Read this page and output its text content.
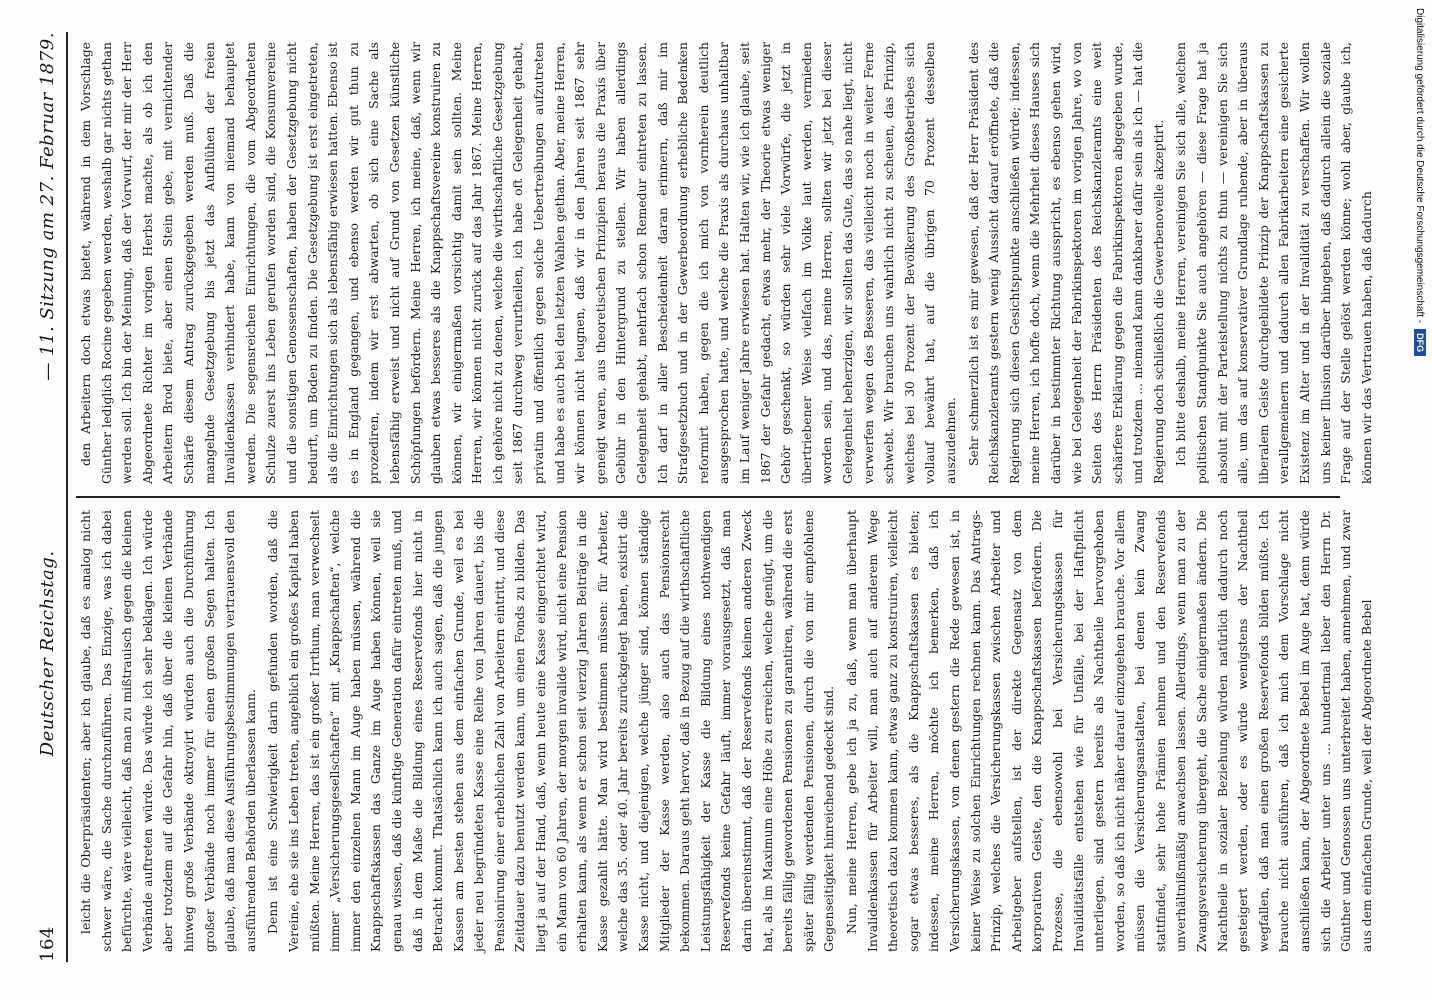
164
Deutscher Reichstag.
— 11. Sitzung am 27. Februar 1879.

leicht die Oberpräsidenten; aber ich glaube, daß es analog nicht schwer wäre, die Sache durchzuführen. Das Einzige, was ich dabei befürchte, wäre vielleicht, daß man zu mißtrauisch gegen die kleinen Verbände auftreten würde. Das würde ich sehr beklagen. Ich würde aber trotzdem auf die Gefahr hin, daß über die kleinen Verbände hinweg große Verbände oktroyirt würden auch die Durchführung großer Verbände noch immer für einen großen Segen halten. Ich glaube, daß man diese Ausführungsbestimmungen vertrauensvoll den ausführenden Behörden überlassen kann. Denn ist eine Schwierigkeit darin gefunden worden, daß die Vereine, ehe sie ins Leben treten, angeblich ein großes Kapital haben müßten. Meine Herren, das ist ein großer Irrthum, man verwechselt immer „Versicherungsgesellschaften“ mit „Knappschaften“, welche immer den einzelnen Mann im Auge haben müssen, während die Knappschaftskassen das Ganze im Auge haben können, weil sie genau wissen, daß die künftige Generation dafür eintreten muß, und daß in dem Maße die Bildung eines Reservefonds hier nicht in Betracht kommt. Thatsächlich kann ich auch sagen, daß die jungen Kassen am besten stehen aus dem einfachen Grunde, weil es bei jeder neu begründeten Kasse eine Reihe von Jahren dauert, bis die Pensionirung einer erheblichen Zahl von Arbeitern eintritt, und diese Zeitdauer dazu benutzt werden kann, um einen Fonds zu bilden. Das liegt ja auf der Hand, daß, wenn heute eine Kasse eingerichtet wird, ein Mann von 60 Jahren, der morgen invalide wird, nicht eine Pension erhalten kann, als wenn er schon seit vierzig Jahren Beiträge in die Kasse gezahlt hätte. Man wird bestimmen müssen: für Arbeiter, welche das 35. oder 40. Jahr bereits zurückgelegt haben, existirt die Kasse nicht, und diejenigen, welche jünger sind, können ständige Mitglieder der Kasse werden, also auch das Pensionsrecht bekommen. Daraus geht hervor, daß in Bezug auf die wirthschaftliche Leistungsfähigkeit der Kasse die Bildung eines nothwendigen Reservefonds keine Gefahr läuft, immer vorausgesetzt, daß man darin übereinstimmt, daß der Reservefonds keinen anderen Zweck hat, als im Maximum eine Höhe zu erreichen, welche genügt, um die bereits fällig gewordenen Pensionen zu garantiren, während die erst später fällig werdenden Pensionen, durch die von mir empfohlene Gegenseitigkeit hinreichend gedeckt sind. Nun, meine Herren, gebe ich ja zu, daß, wenn man überhaupt Invalidenkassen für Arbeiter will, man auch auf anderem Wege theoretisch dazu kommen kann, etwas ganz zu konstruiren, vielleicht sogar etwas besseres, als die Knappschaftskassen es bieten; indessen, meine Herren, möchte ich bemerken, daß ich Versicherungskassen, von denen gestern die Rede gewesen ist, in keiner Weise zu solchen Einrichtungen rechnen kann. Das Antrags-Prinzip, welches die Versicherungskassen zwischen Arbeiter und Arbeitgeber aufstellen, ist der direkte Gegensatz von dem korporativen Geiste, den die Knappschaftskassen befördern. Die Prozesse, die ebensowohl bei Versicherungskassen für Invaliditätsfälle entstehen wie für Unfälle, bei der Haftpflicht unterliegen, sind gestern bereits als Nachtheile hervorgehoben worden, so daß ich nicht näher darauf einzugehen brauche. Vor allem müssen die Versicherungsanstalten, bei denen kein Zwang stattfindet, sehr hohe Prämien nehmen und den Reservefonds unverhältnißmäßig anwachsen lassen. Allerdings, wenn man zu der Zwangsversicherung übergeht, die Sache einigermaßen ändern. Die Nachtheile in sozialer Beziehung würden natürlich dadurch noch gesteigert werden, oder es würde wenigstens der Nachtheil wegfallen, daß man einen großen Reservefonds bilden müßte. Ich brauche nicht ausführen, daß ich mich dem Vorschlage nicht anschließen kann, der Abgeordnete Bebel im Auge hat, denn würde sich die Arbeiter unter uns ... hundertmal lieber den Herrn Dr. Günther und Genossen uns unterbreitet haben, annehmen, und zwar aus dem einfachen Grunde, weil der Abgeordnete Bebel

den Arbeitern doch etwas bietet, während in dem Vorschlage Günther lediglich Rocine gegeben werden, weshalb gar nichts gethan werden soll. Ich bin der Meinung, daß der Vorwurf, der mir der Herr Abgeordnete Richter im vorigen Herbst machte, als ob ich den Arbeitern Brod biete, aber einen Stein gebe, mit vernichtender Schärfe diesem Antrag zurückgegeben werden muß. Daß die mangelnde Gesetzgebung bis jetzt das Aufblühen der freien Invalidenkassen verhindert habe, kann von niemand behauptet werden. Die segensreichen Einrichtungen, die vom Abgeordneten Schulze zuerst ins Leben gerufen worden sind, die Konsumvereine und die sonstigen Genossenschaften, haben der Gesetzgebung nicht bedurft, um Boden zu finden. Die Gesetzgebung ist erst eingetreten, als die Einrichtungen sich als lebensfähig erwiesen hatten. Ebenso ist es in England gegangen, und ebenso werden wir gut thun zu prozediren, indem wir erst abwarten, ob sich eine Sache als lebensfähig erweist und nicht auf Grund von Gesetzen künstliche Schöpfungen befördern. Meine Herren, ich meine, daß, wenn wir glauben etwas besseres als die Knappschaftsvereine konstruiren zu können, wir einigermaßen vorsichtig damit sein sollten. Meine Herren, wir können nicht zurück auf das Jahr 1867. Meine Herren, ich gehöre nicht zu denen, welche die wirthschaftliche Gesetzgebung seit 1867 durchweg verurtheilen, ich habe oft Gelegenheit gehabt, privatim und öffentlich gegen solche Uebertreibungen aufzutreten und habe es auch bei den letzten Wahlen gethan. Aber, meine Herren, wir können nicht leugnen, daß wir in den Jahren seit 1867 sehr geneigt waren, aus theoretischen Prinzipien heraus die Praxis über Gebühr in den Hintergrund zu stellen. Wir haben allerdings Gelegenheit gehabt, mehrfach schon Remedur eintreten zu lassen. Ich darf in aller Bescheidenheit daran erinnern, daß mir im Strafgesetzbuch und in der Gewerbeordnung erhebliche Bedenken reformirt haben, gegen die ich mich von vornherein deutlich ausgesprochen hatte, und welche die Praxis als durchaus unhaltbar im Lauf weniger Jahre erwiesen hat. Halten wir, wie ich glaube, seit 1867 der Gefahr gedacht, etwas mehr, der Theorie etwas weniger Gehör geschenkt, so würden sehr viele Vorwürfe, die jetzt in übertriebener Weise vielfach im Volke laut werden, vermieden worden sein, und das, meine Herren, sollten wir jetzt bei dieser Gelegenheit beherzigen, wir sollten das Gute, das so nahe liegt, nicht verwerfen wegen des Besseren, das vielleicht noch in weiter Ferne schwebt. Wir brauchen uns wahrlich nicht zu scheuen, das Prinzip, welches bei 30 Prozent der Bevölkerung des Großbetriebes sich vollauf bewährt hat, auf die übrigen 70 Prozent desselben auszudehnen. Sehr schmerzlich ist es mir gewesen, daß der Herr Präsident des Reichskanzleramts gestern wenig Aussicht darauf eröffnete, daß die Regierung sich diesen Gesichtspunkte anschließen würde; indessen, meine Herren, ich hoffe doch, wenn die Mehrheit dieses Hauses sich darüber in bestimmter Richtung ausspricht, es ebenso gehen wird, wie bei Gelegenheit der Fabrikinspektoren im vorigen Jahre, wo von Seiten des Herrn Präsidenten des Reichskanzleramts eine weit schärfere Erklärung gegen die Fabrikinspektoren abgegeben wurde, und trotzdem ... niemand kann dankbarer dafür sein als ich — hat die Regierung doch schließlich die Gewerbenovelle akzeptirt. Ich bitte deshalb, meine Herren, vereinigen Sie sich alle, welchen politischen Standpunkte Sie auch angehören — diese Frage hat ja absolut mit der Parteistellung nichts zu thun — vereinigen Sie sich alle, um das auf konservativer Grundlage ruhende, aber in überaus liberalem Geiste durchgebildete Prinzip der Knappschaftskassen zu verallgemeinern und dadurch allen Fabrikarbeitern eine gesicherte Existenz im Alter und in der Invalidität zu verschaffen. Wir wollen uns keiner Illusion darüber hingeben, daß dadurch allein die soziale Frage auf der Stelle gelöst werden könne; wohl aber, glaube ich, können wir das Vertrauen haben, daß dadurch

Digitalisierung gefördert durch die Deutsche Forschungsgemeinschaft -
DFG
